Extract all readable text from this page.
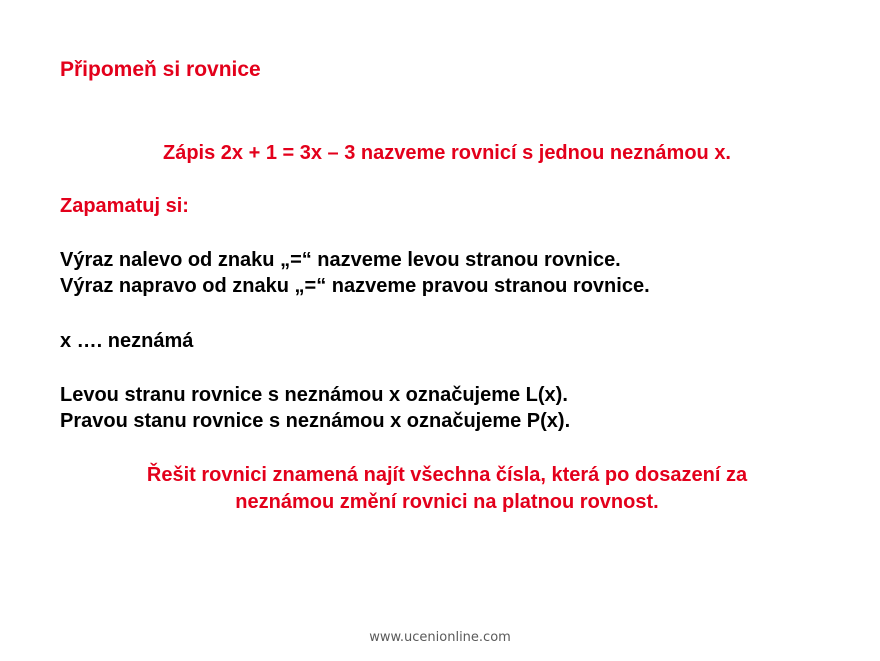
Připomeň si rovnice
Zápis 2x + 1 = 3x – 3 nazveme rovnicí s jednou neznámou x.
Zapamatuj si:
Výraz nalevo od znaku „=“ nazveme levou stranou rovnice.
Výraz napravo od znaku „=“ nazveme pravou stranou rovnice.
x …. neznámá
Levou stranu rovnice s neznámou x označujeme L(x).
Pravou stanu rovnice s neznámou x označujeme P(x).
Řešit rovnici znamená najít všechna čísla, která po dosazení za
neznámou změní rovnici na platnou rovnost.
www.ucenionline.com
